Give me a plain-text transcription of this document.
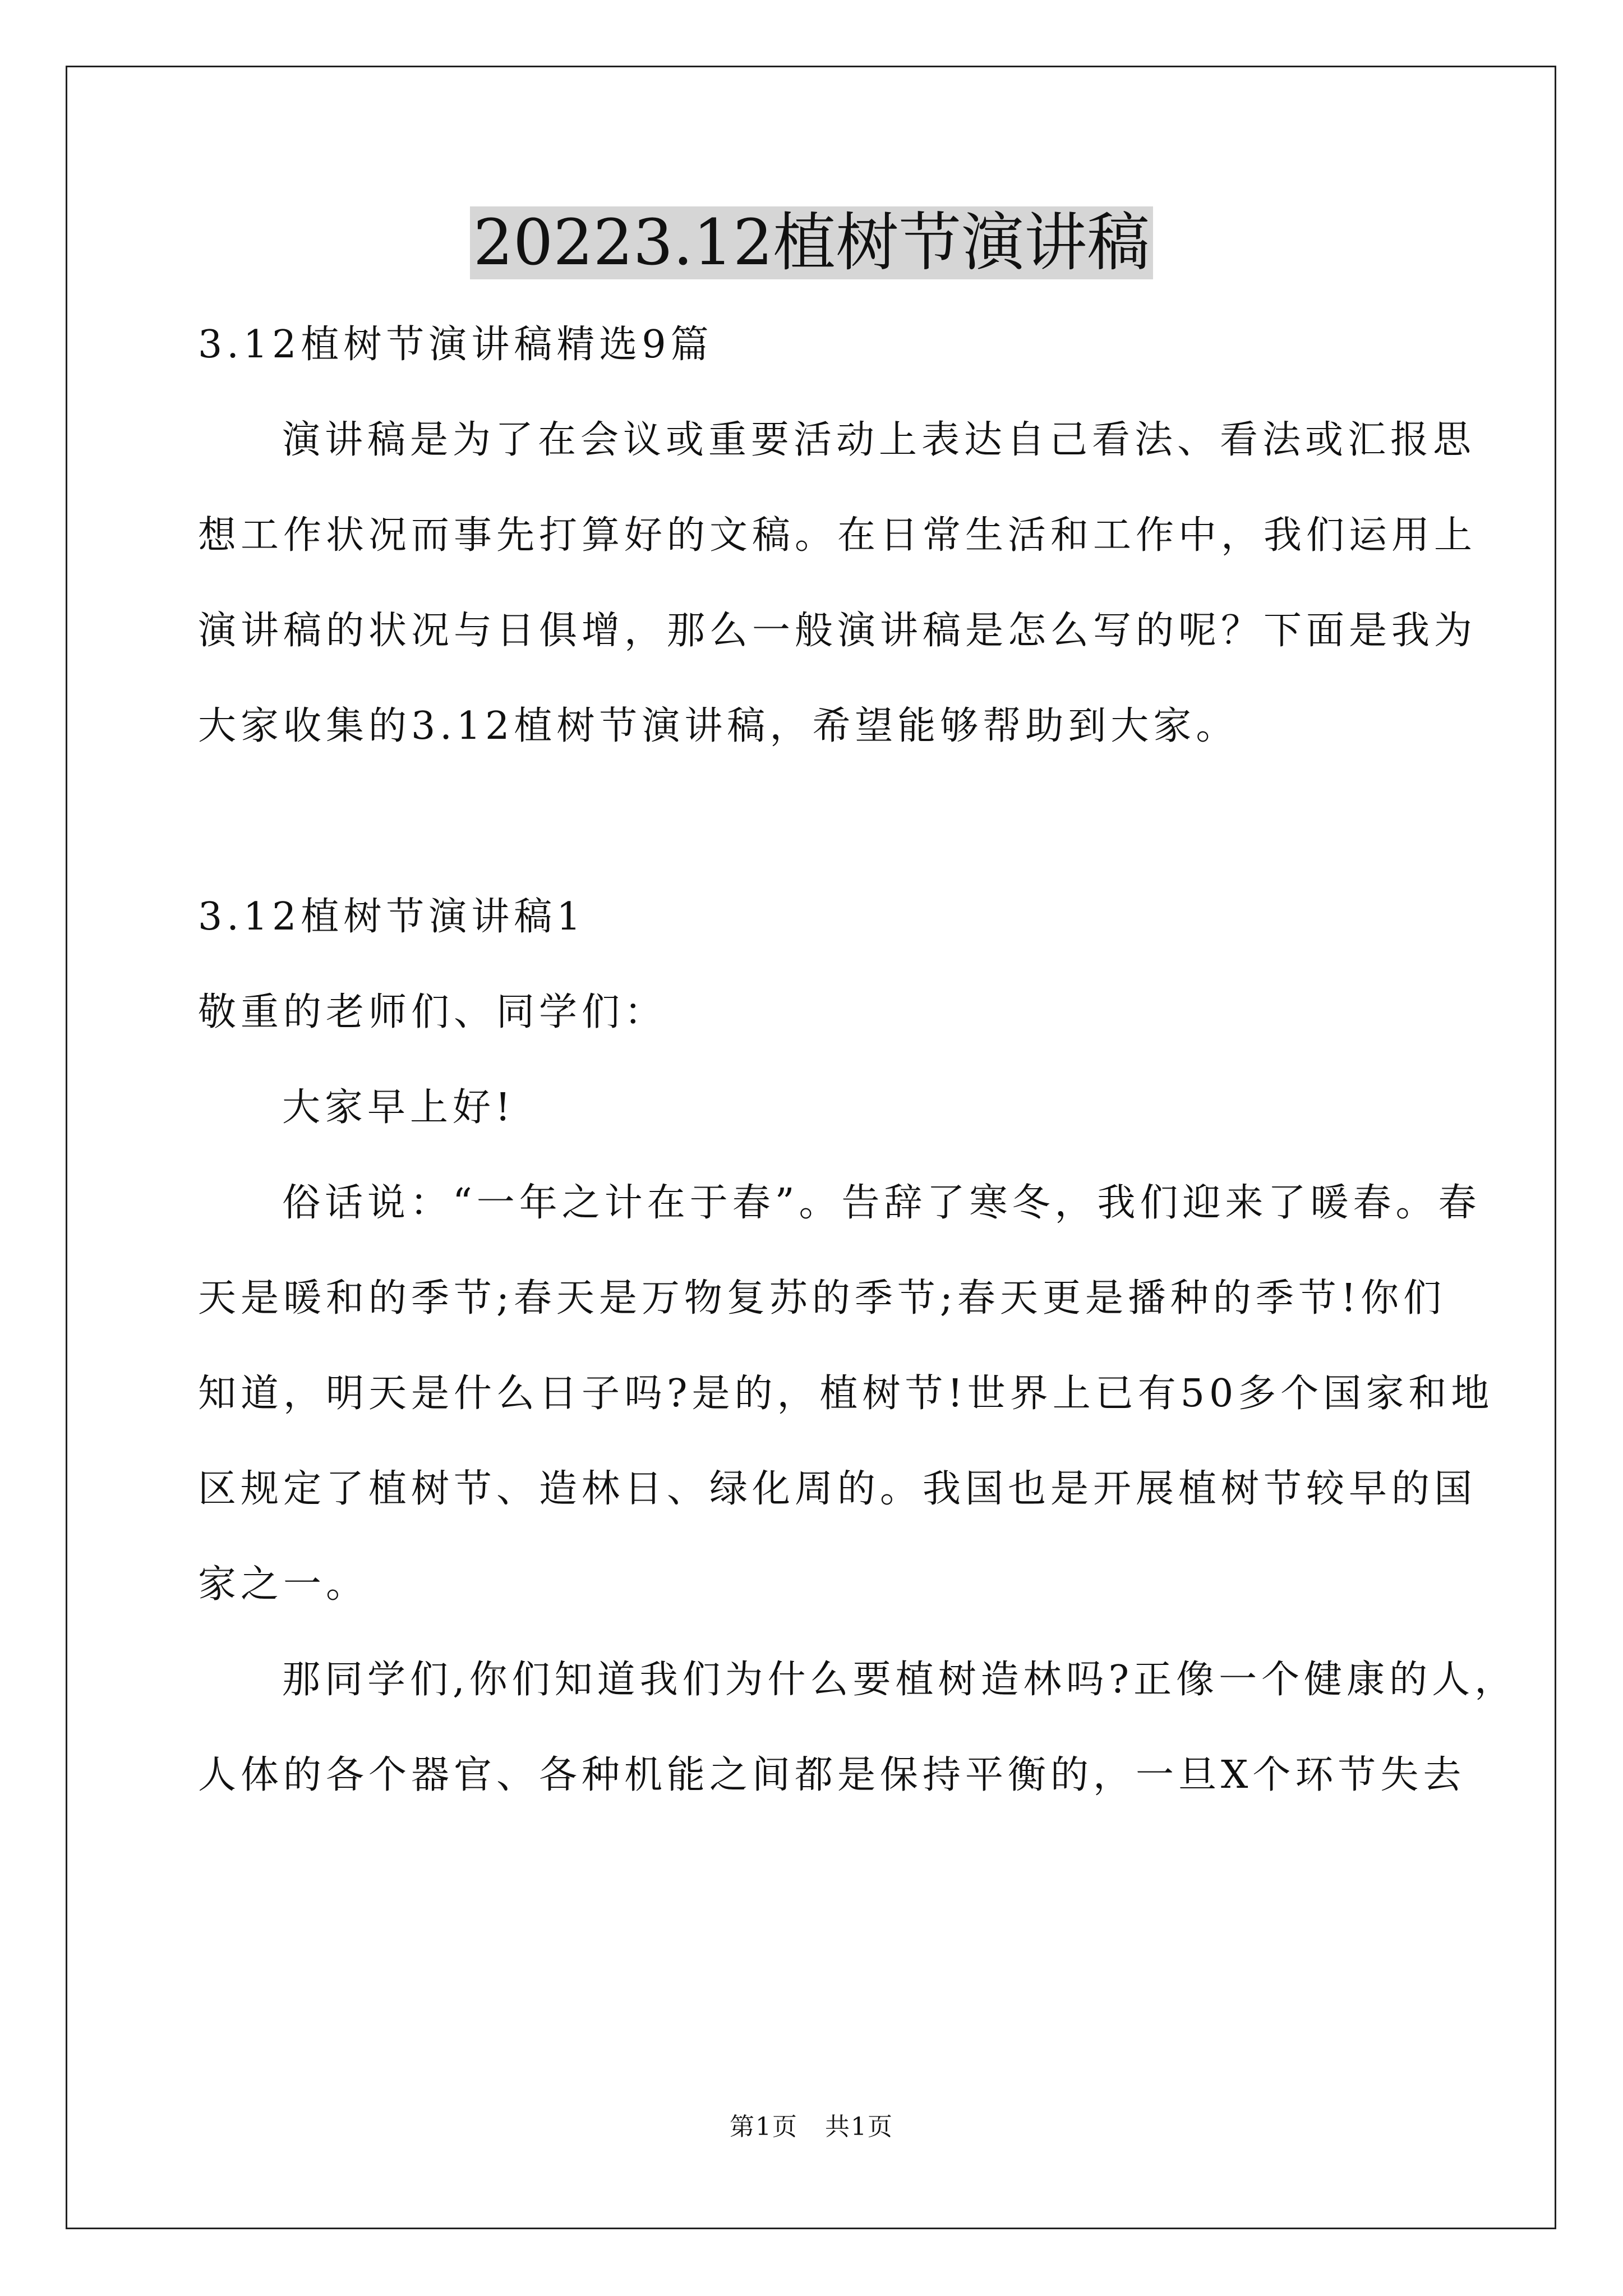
20223.12植树节演讲稿
3.12植树节演讲稿精选9篇
演讲稿是为了在会议或重要活动上表达自己看法、看法或汇报思
想工作状况而事先打算好的文稿。在日常生活和工作中，我们运用上
演讲稿的状况与日俱增，那么一般演讲稿是怎么写的呢？下面是我为
大家收集的3.12植树节演讲稿，希望能够帮助到大家。
3.12植树节演讲稿1
敬重的老师们、同学们：
大家早上好!
俗话说：“一年之计在于春”。告辞了寒冬，我们迎来了暖春。春
天是暖和的季节;春天是万物复苏的季节;春天更是播种的季节!你们
知道，明天是什么日子吗?是的，植树节!世界上已有50多个国家和地
区规定了植树节、造林日、绿化周的。我国也是开展植树节较早的国
家之一。
那同学们,你们知道我们为什么要植树造林吗?正像一个健康的人，
人体的各个器官、各种机能之间都是保持平衡的，一旦X个环节失去
第1页 共1页
